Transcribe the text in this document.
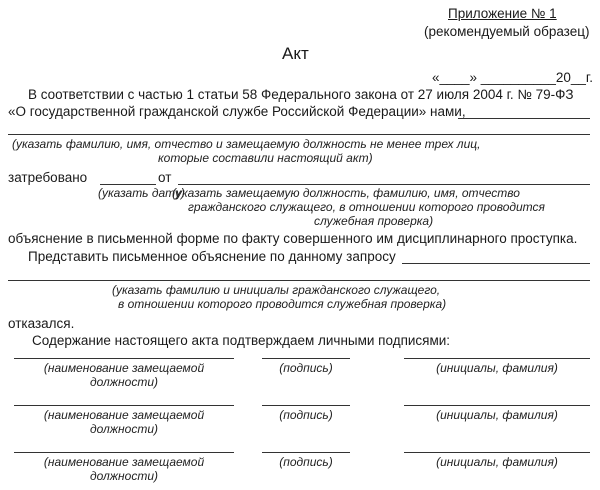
Приложение № 1
(рекомендуемый образец)
Акт
«____» __________20__г.
В соответствии с частью 1 статьи 58 Федерального закона от 27 июля 2004 г. № 79-ФЗ
«О государственной гражданской службе Российской Федерации» нами,
(указать фамилию, имя, отчество и замещаемую должность не менее трех лиц,
которые составили настоящий акт)
затребовано	от
(указать дату)
(указать замещаемую должность, фамилию, имя, отчество
гражданского служащего, в отношении которого проводится
служебная проверка)
объяснение в письменной форме по факту совершенного им дисциплинарного проступка.
Представить письменное объяснение по данному запросу
(указать фамилию и инициалы гражданского служащего,
в отношении которого проводится служебная проверка)
отказался.
Содержание настоящего акта подтверждаем личными подписями:
(наименование замещаемой
должности)
(подпись)	(инициалы, фамилия)
(наименование замещаемой
должности)
(подпись)	(инициалы, фамилия)
(наименование замещаемой
должности)
(подпись)	(инициалы, фамилия)
